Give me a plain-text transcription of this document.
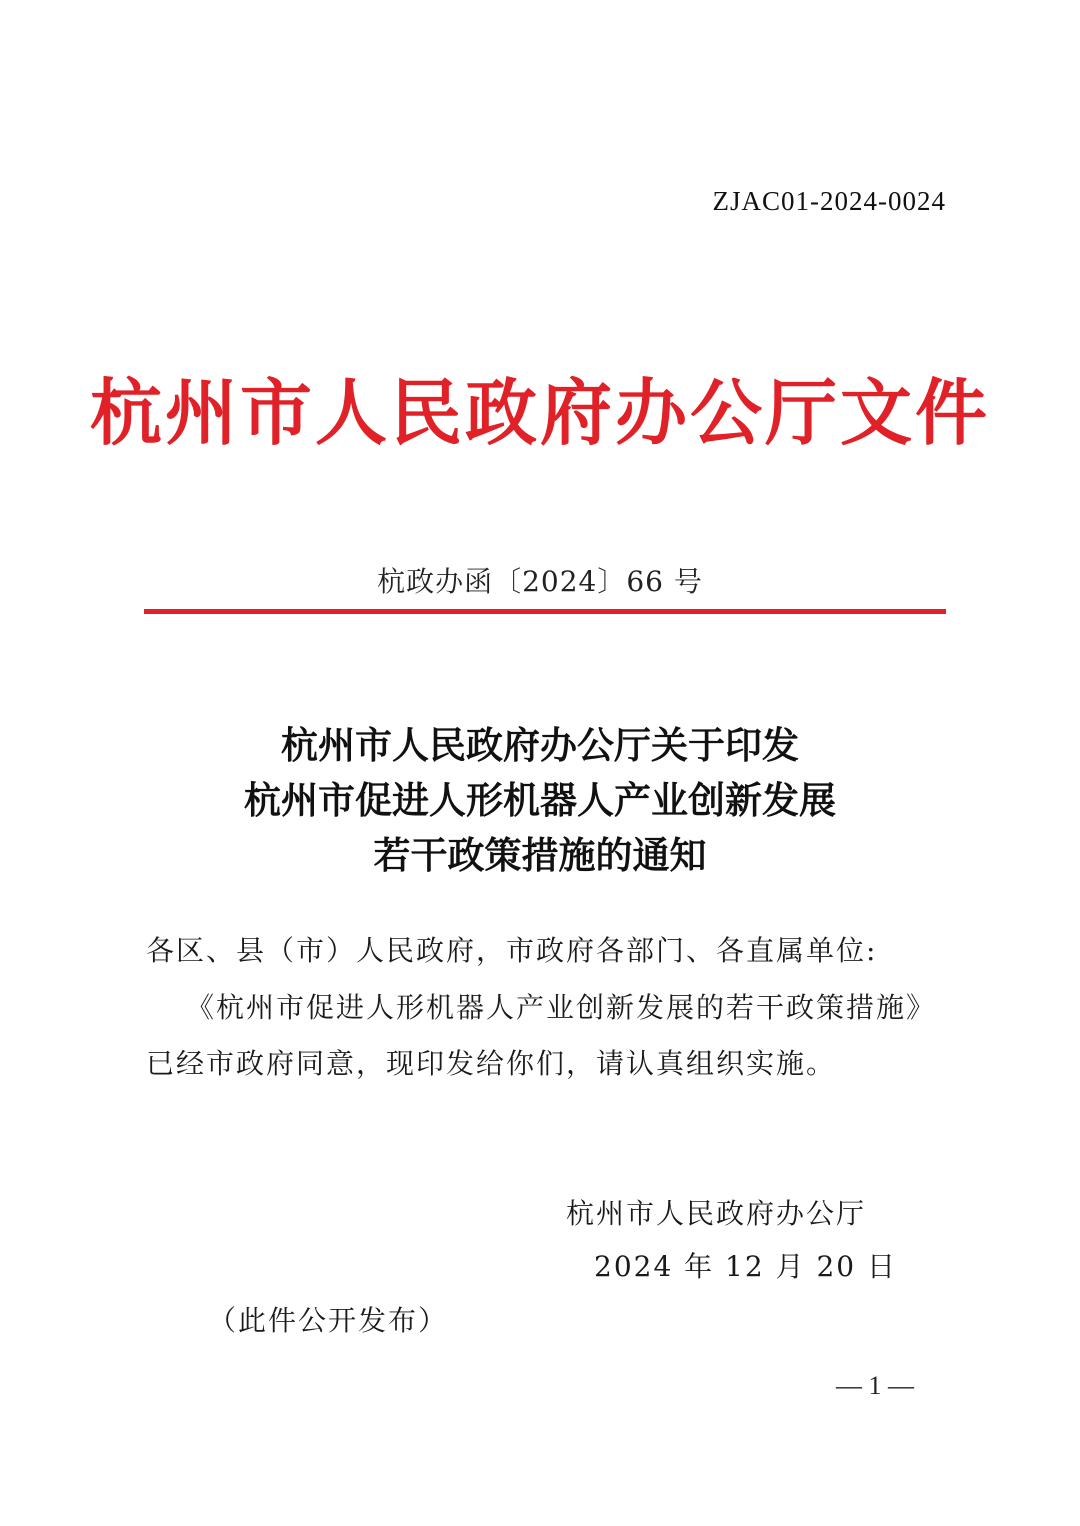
ZJAC01-2024-0024
杭州市人民政府办公厅文件
杭政办函〔2024〕66 号
杭州市人民政府办公厅关于印发
杭州市促进人形机器人产业创新发展
若干政策措施的通知
各区、县（市）人民政府，市政府各部门、各直属单位:
《杭州市促进人形机器人产业创新发展的若干政策措施》已经市政府同意，现印发给你们，请认真组织实施。
杭州市人民政府办公厅
2024 年 12 月 20 日
（此件公开发布）
— 1 —
